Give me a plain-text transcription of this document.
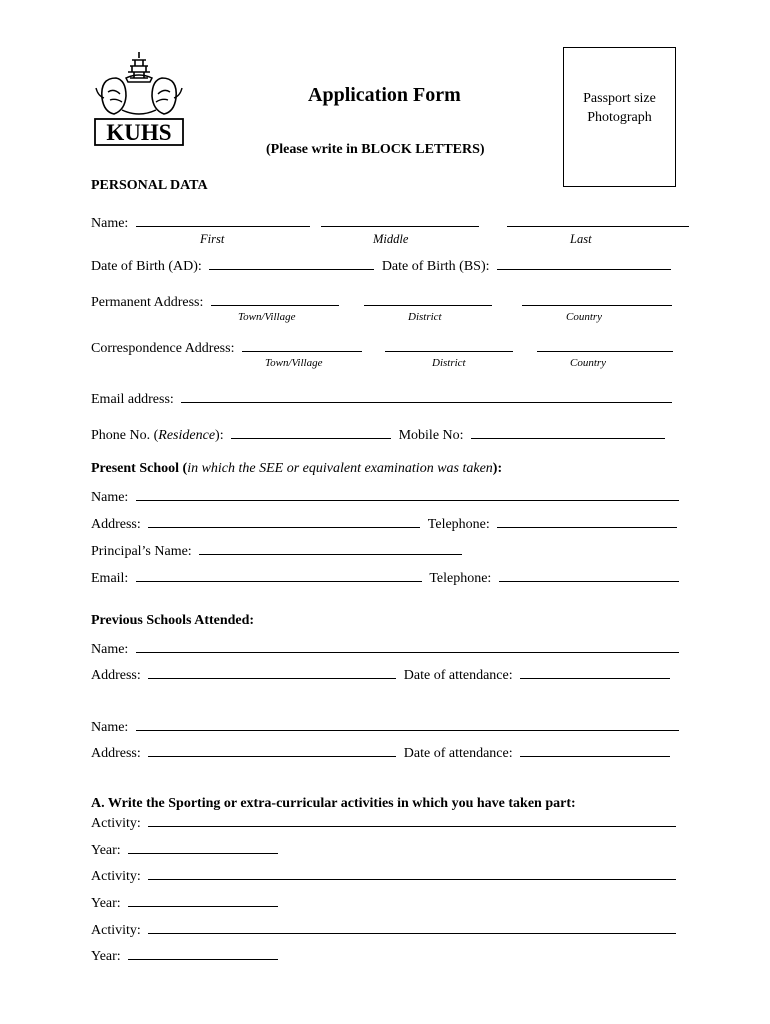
KUHS
Application Form
(Please write in BLOCK LETTERS)
Passport size
Photograph
PERSONAL DATA
Name:
First	Middle	Last
Date of Birth (AD):	Date of Birth (BS):
Permanent Address:
Town/Village	District	Country
Correspondence Address:
Town/Village	District	Country
Email address:
Phone No. (Residence):	Mobile No:
Present School (in which the SEE or equivalent examination was taken):
Name:
Address:	Telephone:
Principal’s Name:
Email:	Telephone:
Previous Schools Attended:
Name:
Address:	Date of attendance:
Name:
Address:	Date of attendance:
A. Write the Sporting or extra-curricular activities in which you have taken part:
Activity:
Year:
Activity:
Year:
Activity:
Year:
